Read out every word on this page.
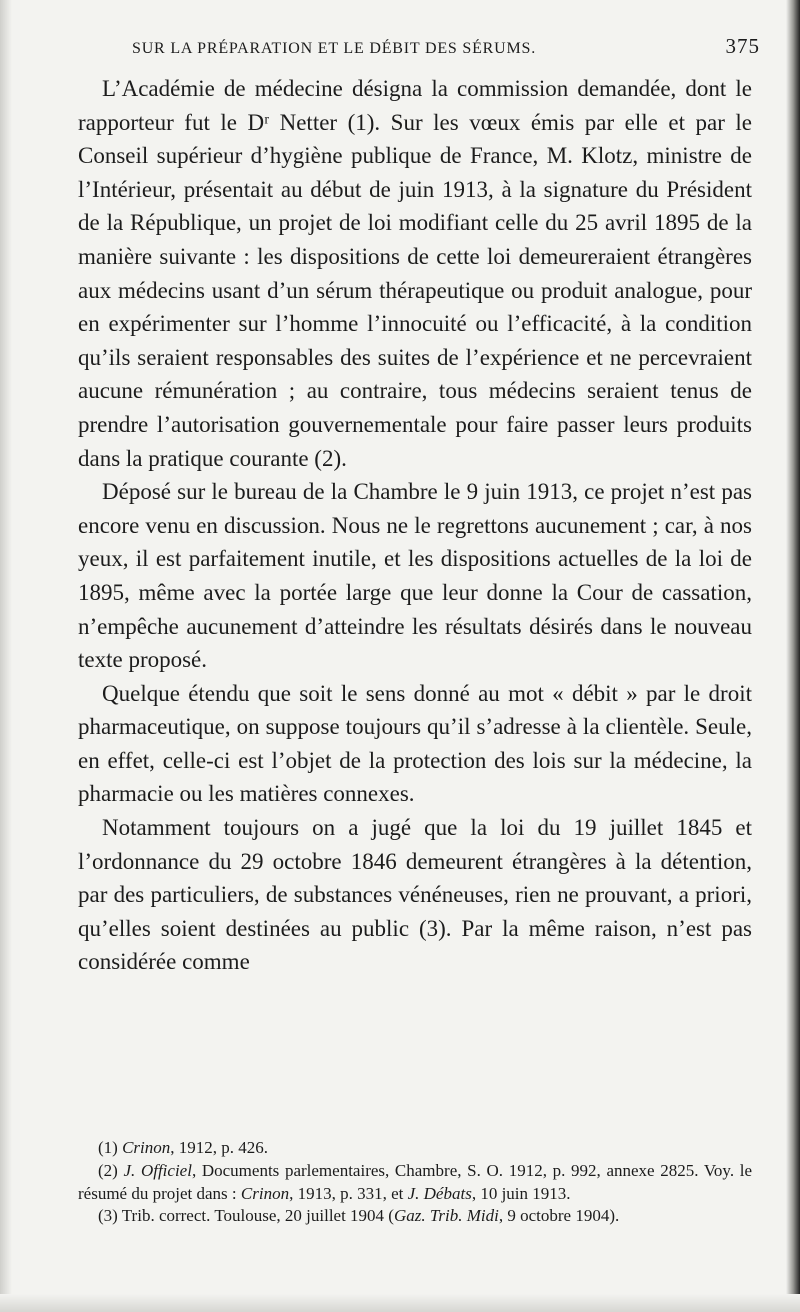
SUR LA PRÉPARATION ET LE DÉBIT DES SÉRUMS.	375

L’Académie de médecine désigna la commission demandée, dont le rapporteur fut le Dʳ Netter (1). Sur les vœux émis par elle et par le Conseil supérieur d’hygiène publique de France, M. Klotz, ministre de l’Intérieur, présentait au début de juin 1913, à la signature du Président de la République, un projet de loi modifiant celle du 25 avril 1895 de la manière suivante : les dispositions de cette loi demeureraient étrangères aux médecins usant d’un sérum thérapeutique ou produit analogue, pour en expérimenter sur l’homme l’innocuité ou l’efficacité, à la condition qu’ils seraient responsables des suites de l’expérience et ne percevraient aucune rémunération ; au contraire, tous médecins seraient tenus de prendre l’autorisation gouvernementale pour faire passer leurs produits dans la pratique courante (2).

Déposé sur le bureau de la Chambre le 9 juin 1913, ce projet n’est pas encore venu en discussion. Nous ne le regrettons aucunement ; car, à nos yeux, il est parfaitement inutile, et les dispositions actuelles de la loi de 1895, même avec la portée large que leur donne la Cour de cassation, n’empêche aucunement d’atteindre les résultats désirés dans le nouveau texte proposé.

Quelque étendu que soit le sens donné au mot « débit » par le droit pharmaceutique, on suppose toujours qu’il s’adresse à la clientèle. Seule, en effet, celle-ci est l’objet de la protection des lois sur la médecine, la pharmacie ou les matières connexes.

Notamment toujours on a jugé que la loi du 19 juillet 1845 et l’ordonnance du 29 octobre 1846 demeurent étrangères à la détention, par des particuliers, de substances vénéneuses, rien ne prouvant, a priori, qu’elles soient destinées au public (3). Par la même raison, n’est pas considérée comme

(1) Crinon, 1912, p. 426.

(2) J. Officiel, Documents parlementaires, Chambre, S. O. 1912, p. 992, annexe 2825. Voy. le résumé du projet dans : Crinon, 1913, p. 331, et J. Débats, 10 juin 1913.

(3) Trib. correct. Toulouse, 20 juillet 1904 (Gaz. Trib. Midi, 9 octobre 1904).
